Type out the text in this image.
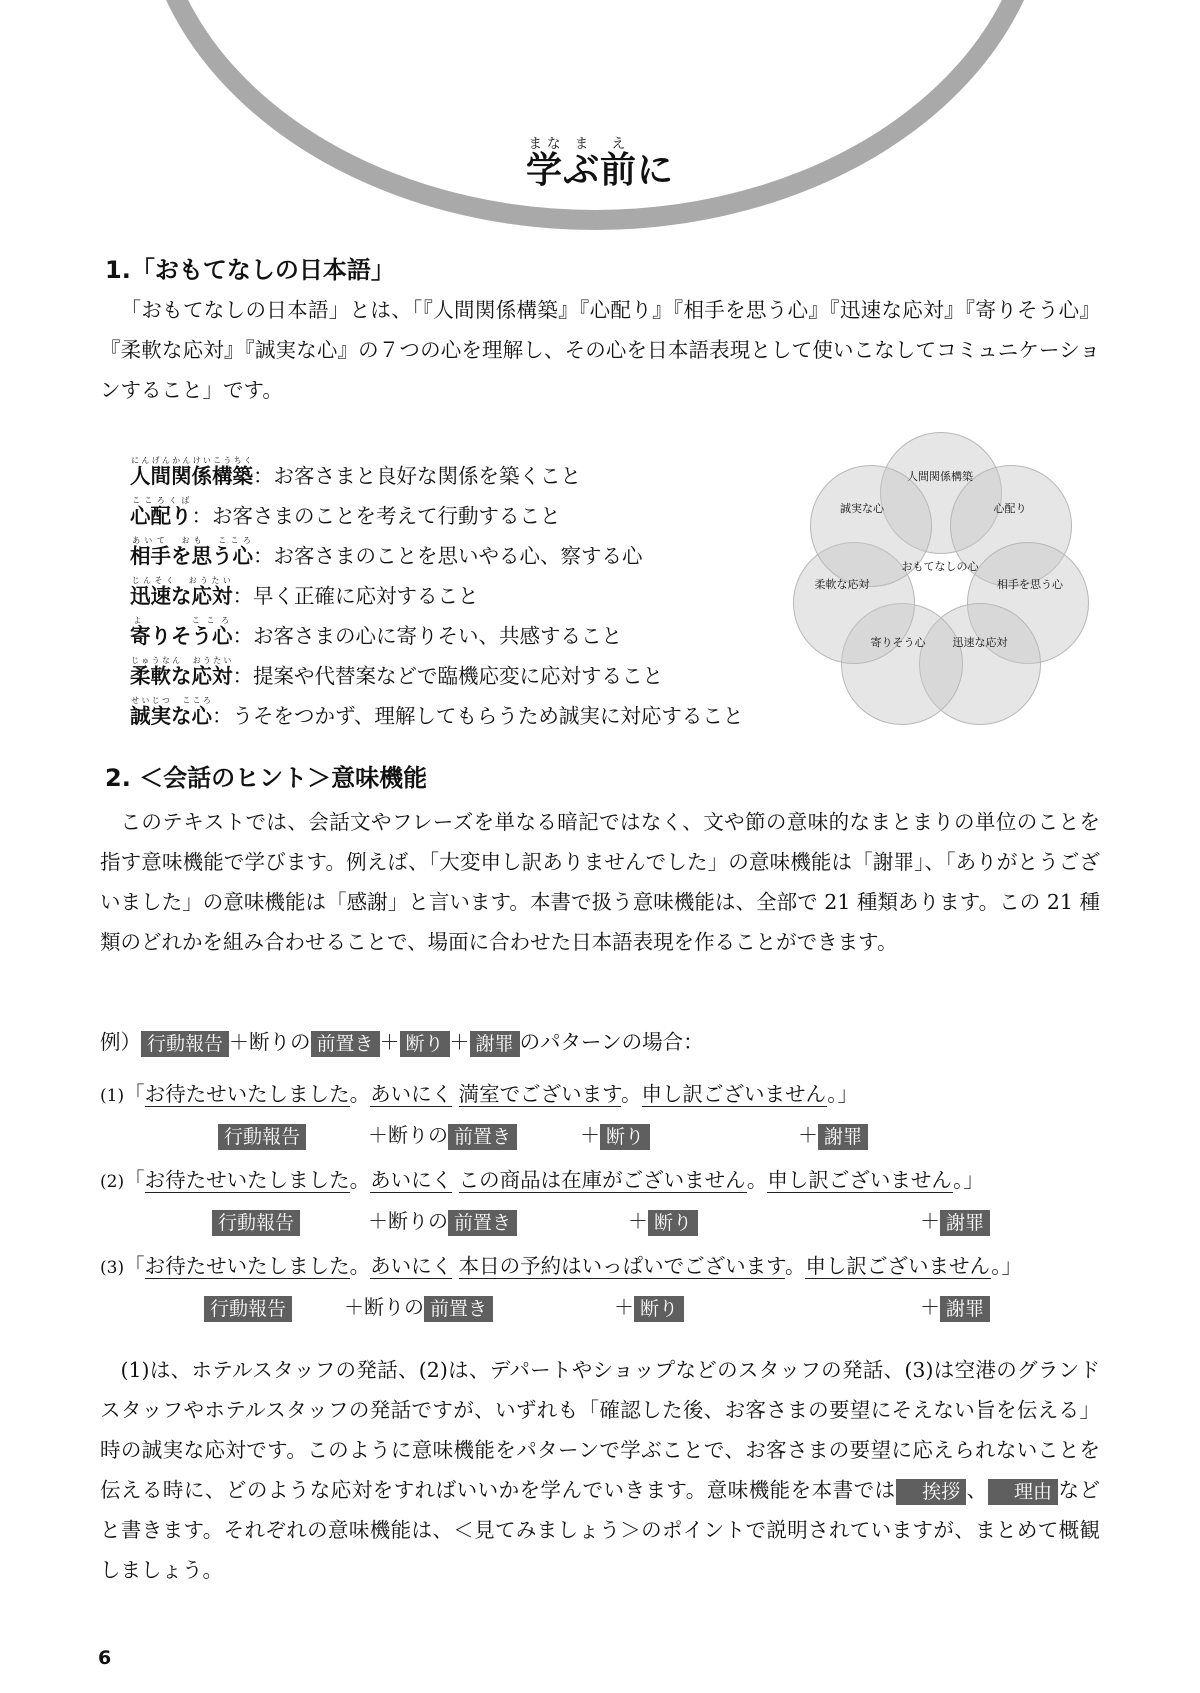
学まなぶ前まえに
1.「おもてなしの日本語」

「おもてなしの日本語」とは、「『人間関係構築』『心配り』『相手を思う心』『迅速な応対』『寄りそう心』『柔軟な応対』『誠実な心』の７つの心を理解し、その心を日本語表現として使いこなしてコミュニケーションすること」です。

人間関係構築にんげんかんけいこうちく：お客さまと良好な関係を築くこと
心配りこころくば：お客さまのことを考えて行動すること
相手を思う心あいて　おも　こころ：お客さまのことを思いやる心、察する心
迅速な応対じんそく　おうたい：早く正確に応対すること
寄りそう心よ　　　こころ：お客さまの心に寄りそい、共感すること
柔軟な応対じゅうなん　おうたい：提案や代替案などで臨機応変に応対すること
誠実な心せいじつ　こころ：うそをつかず、理解してもらうため誠実に対応すること
人間関係構築
心配り
相手を思う心
迅速な応対
寄りそう心
柔軟な応対
誠実な心
おもてなしの心
2. ＜会話のヒント＞意味機能

このテキストでは、会話文やフレーズを単なる暗記ではなく、文や節の意味的なまとまりの単位のことを指す意味機能で学びます。例えば、「大変申し訳ありませんでした」の意味機能は「謝罪」、「ありがとうございました」の意味機能は「感謝」と言います。本書で扱う意味機能は、全部で 21 種類あります。この 21 種類のどれかを組み合わせることで、場面に合わせた日本語表現を作ることができます。

例） 行動報告 ＋断りの 前置き ＋ 断り ＋ 謝罪 のパターンの場合：
(1)「お待たせいたしました。あいにく 満室でございます。申し訳ございません。」
行動報告	＋断りの 前置き	＋ 断り	＋ 謝罪
(2)「お待たせいたしました。あいにく この商品は在庫がございません。申し訳ございません。」
行動報告	＋断りの 前置き	＋ 断り	＋ 謝罪
(3)「お待たせいたしました。あいにく 本日の予約はいっぱいでございます。申し訳ございません。」
行動報告	＋断りの 前置き	＋ 断り	＋ 謝罪

(1)は、ホテルスタッフの発話、(2)は、デパートやショップなどのスタッフの発話、(3)は空港のグランドスタッフやホテルスタッフの発話ですが、いずれも「確認した後、お客さまの要望にそえない旨を伝える」時の誠実な応対です。このように意味機能をパターンで学ぶことで、お客さまの要望に応えられないことを伝える時に、どのような応対をすればいいかを学んでいきます。意味機能を本書では 挨拶 、 理由 などと書きます。それぞれの意味機能は、＜見てみましょう＞のポイントで説明されていますが、まとめて概観しましょう。

6
